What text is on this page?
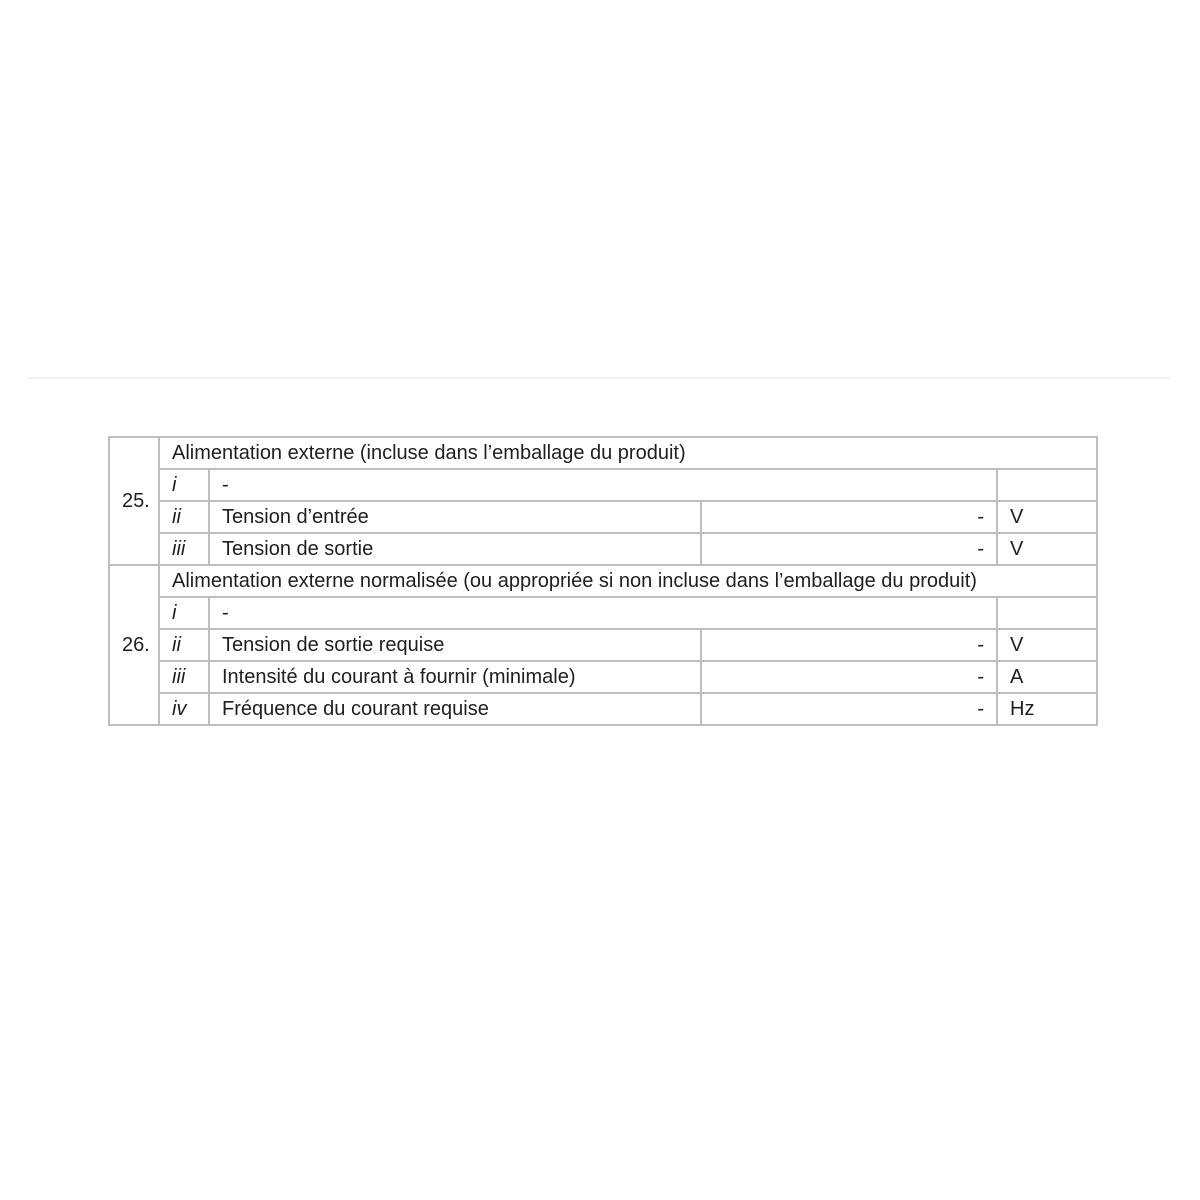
25.	Alimentation externe (incluse dans l’emballage du produit)			
	i	-		
	ii	Tension d’entrée	-	V
	iii	Tension de sortie	-	V
26.	Alimentation externe normalisée (ou appropriée si non incluse dans l’emballage du produit)			
	i	-		
	ii	Tension de sortie requise	-	V
	iii	Intensité du courant à fournir (minimale)	-	A
	iv	Fréquence du courant requise	-	Hz
